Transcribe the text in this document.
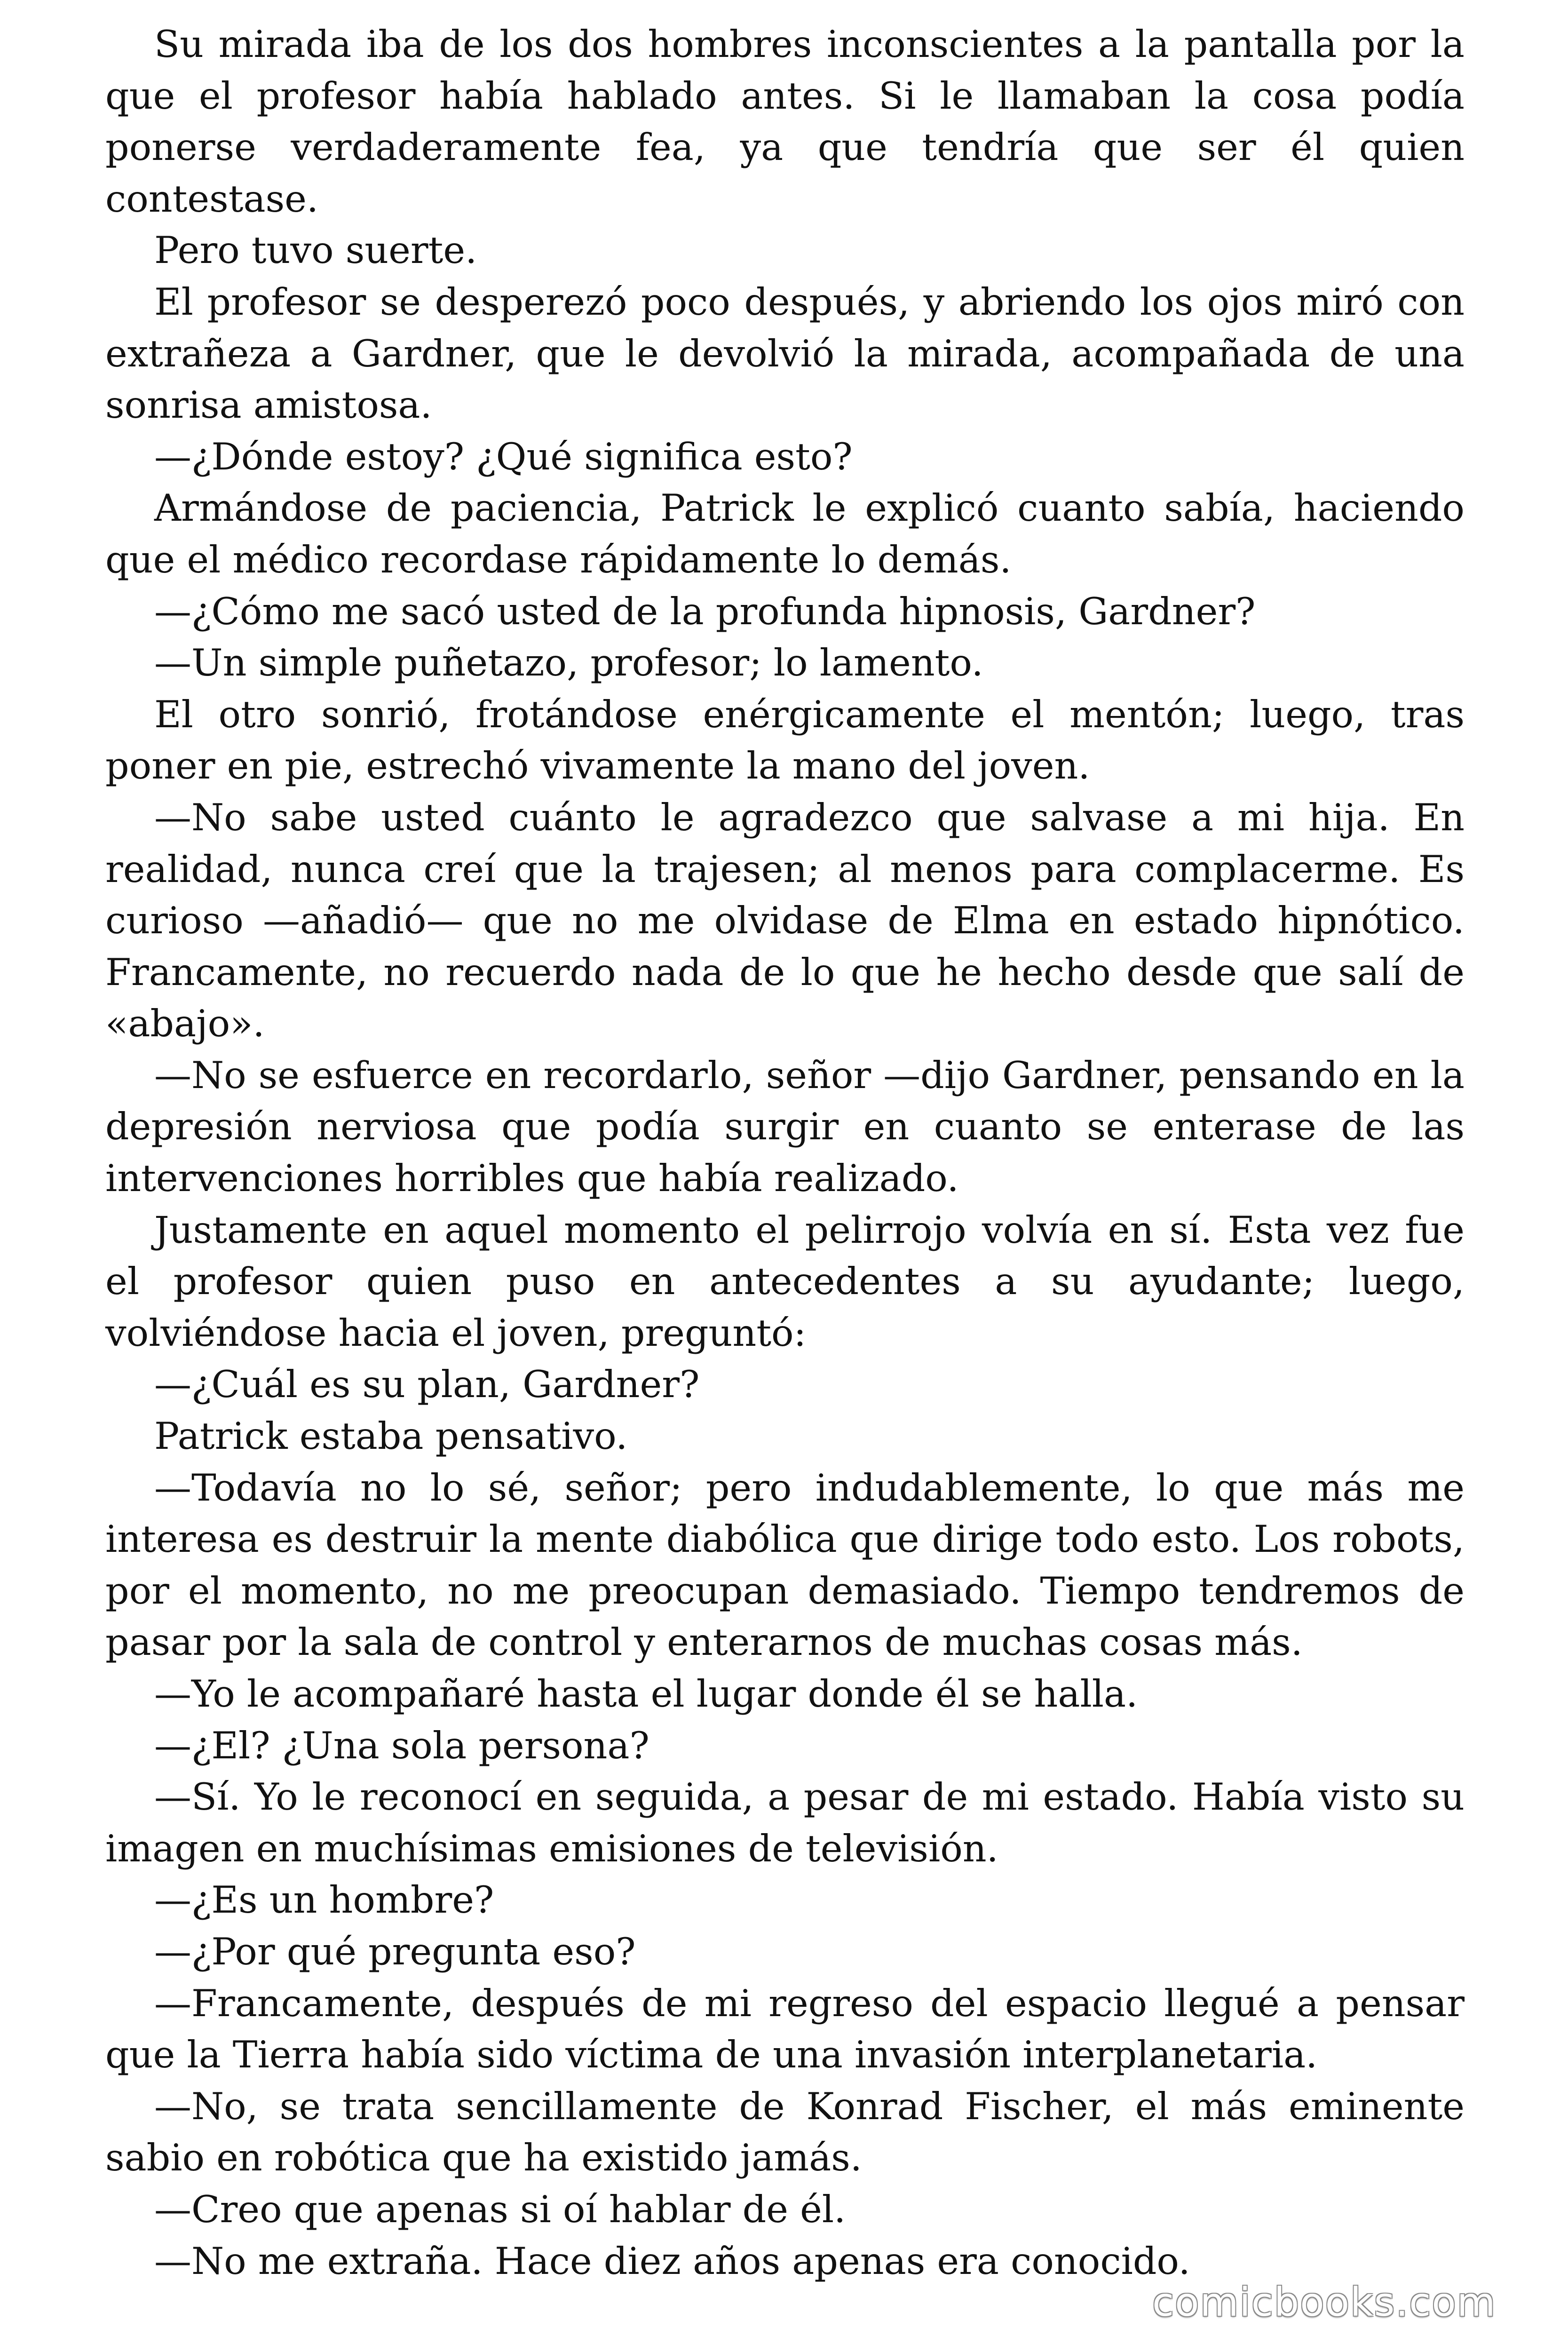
Su mirada iba de los dos hombres inconscientes a la pantalla por la que el profesor había hablado antes. Si le llamaban la cosa podía ponerse verdaderamente fea, ya que tendría que ser él quien contestase.

Pero tuvo suerte.

El profesor se desperezó poco después, y abriendo los ojos miró con extrañeza a Gardner, que le devolvió la mirada, acompañada de una sonrisa amistosa.

—¿Dónde estoy? ¿Qué significa esto?

Armándose de paciencia, Patrick le explicó cuanto sabía, haciendo que el médico recordase rápidamente lo demás.

—¿Cómo me sacó usted de la profunda hipnosis, Gardner?

—Un simple puñetazo, profesor; lo lamento.

El otro sonrió, frotándose enérgicamente el mentón; luego, tras poner en pie, estrechó vivamente la mano del joven.

—No sabe usted cuánto le agradezco que salvase a mi hija. En realidad, nunca creí que la trajesen; al menos para complacerme. Es curioso —añadió— que no me olvidase de Elma en estado hipnótico. Francamente, no recuerdo nada de lo que he hecho desde que salí de «abajo».

—No se esfuerce en recordarlo, señor —dijo Gardner, pensando en la depresión nerviosa que podía surgir en cuanto se enterase de las intervenciones horribles que había realizado.

Justamente en aquel momento el pelirrojo volvía en sí. Esta vez fue el profesor quien puso en antecedentes a su ayudante; luego, volviéndose hacia el joven, preguntó:

—¿Cuál es su plan, Gardner?

Patrick estaba pensativo.

—Todavía no lo sé, señor; pero indudablemente, lo que más me interesa es destruir la mente diabólica que dirige todo esto. Los robots, por el momento, no me preocupan demasiado. Tiempo tendremos de pasar por la sala de control y enterarnos de muchas cosas más.

—Yo le acompañaré hasta el lugar donde él se halla.

—¿El? ¿Una sola persona?

—Sí. Yo le reconocí en seguida, a pesar de mi estado. Había visto su imagen en muchísimas emisiones de televisión.

—¿Es un hombre?

—¿Por qué pregunta eso?

—Francamente, después de mi regreso del espacio llegué a pensar que la Tierra había sido víctima de una invasión interplanetaria.

—No, se trata sencillamente de Konrad Fischer, el más eminente sabio en robótica que ha existido jamás.

—Creo que apenas si oí hablar de él.

—No me extraña. Hace diez años apenas era conocido.

comicbooks.com
